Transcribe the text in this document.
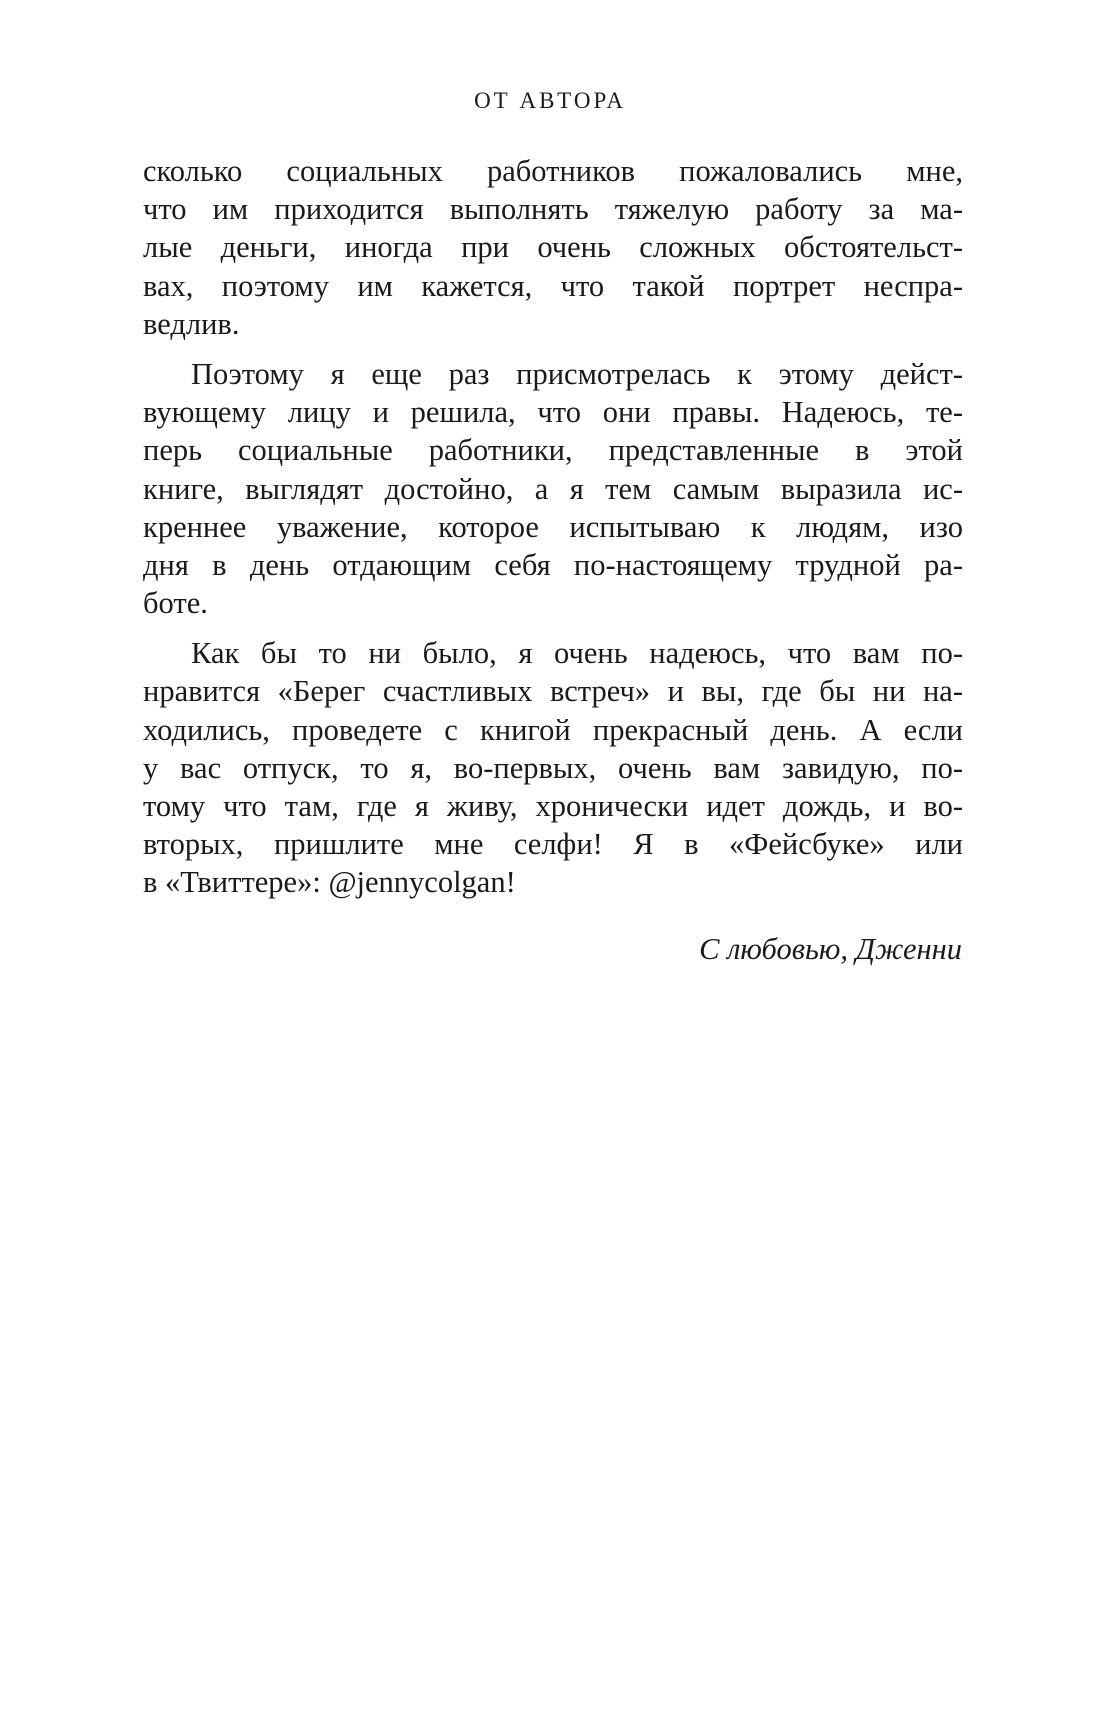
ОТ АВТОРА
сколько социальных работников пожаловались мне,
что им приходится выполнять тяжелую работу за ма-
лые деньги, иногда при очень сложных обстоятельст-
вах, поэтому им кажется, что такой портрет неспра-
ведлив.
Поэтому я еще раз присмотрелась к этому дейст-
вующему лицу и решила, что они правы. Надеюсь, те-
перь социальные работники, представленные в этой
книге, выглядят достойно, а я тем самым выразила ис-
креннее уважение, которое испытываю к людям, изо
дня в день отдающим себя по-настоящему трудной ра-
боте.
Как бы то ни было, я очень надеюсь, что вам по-
нравится «Берег счастливых встреч» и вы, где бы ни на-
ходились, проведете с книгой прекрасный день. А если
у вас отпуск, то я, во-первых, очень вам завидую, по-
тому что там, где я живу, хронически идет дождь, и во-
вторых, пришлите мне селфи! Я в «Фейсбуке» или
в «Твиттере»: @jennycolgan!
С любовью, Дженни
